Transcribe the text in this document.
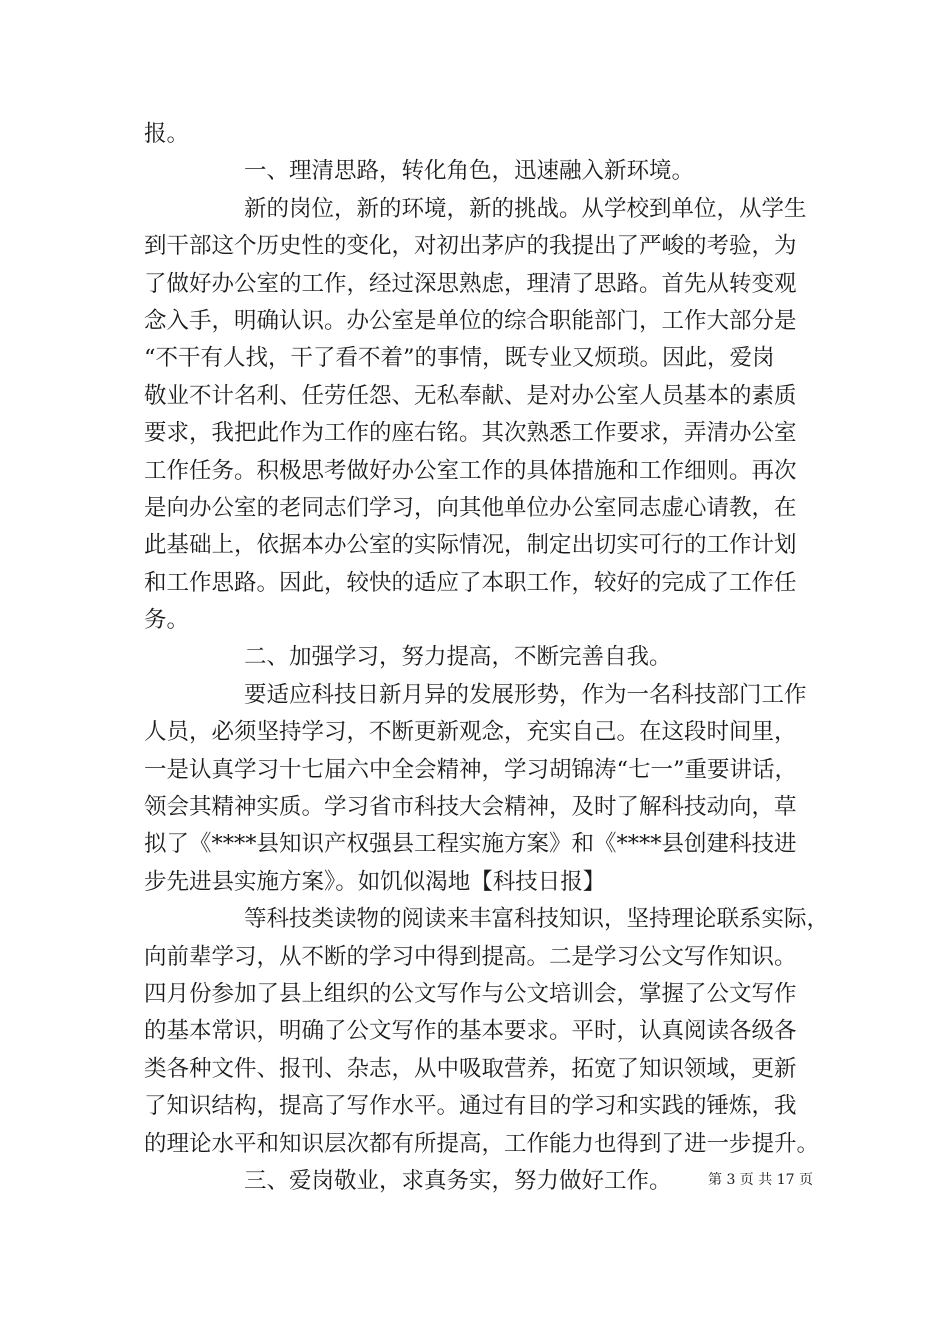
报。
一、理清思路，转化角色，迅速融入新环境。
新的岗位，新的环境，新的挑战。从学校到单位，从学生
到干部这个历史性的变化，对初出茅庐的我提出了严峻的考验，为
了做好办公室的工作，经过深思熟虑，理清了思路。首先从转变观
念入手，明确认识。办公室是单位的综合职能部门，工作大部分是
“不干有人找，干了看不着”的事情，既专业又烦琐。因此，爱岗
敬业不计名利、任劳任怨、无私奉献、是对办公室人员基本的素质
要求，我把此作为工作的座右铭。其次熟悉工作要求，弄清办公室
工作任务。积极思考做好办公室工作的具体措施和工作细则。再次
是向办公室的老同志们学习，向其他单位办公室同志虚心请教，在
此基础上，依据本办公室的实际情况，制定出切实可行的工作计划
和工作思路。因此，较快的适应了本职工作，较好的完成了工作任
务。
二、加强学习，努力提高，不断完善自我。
要适应科技日新月异的发展形势，作为一名科技部门工作
人员，必须坚持学习，不断更新观念，充实自己。在这段时间里，
一是认真学习十七届六中全会精神，学习胡锦涛“七一”重要讲话，
领会其精神实质。学习省市科技大会精神，及时了解科技动向，草
拟了《****县知识产权强县工程实施方案》和《****县创建科技进
步先进县实施方案》。如饥似渴地【科技日报】
等科技类读物的阅读来丰富科技知识，坚持理论联系实际，
向前辈学习，从不断的学习中得到提高。二是学习公文写作知识。
四月份参加了县上组织的公文写作与公文培训会，掌握了公文写作
的基本常识，明确了公文写作的基本要求。平时，认真阅读各级各
类各种文件、报刊、杂志，从中吸取营养，拓宽了知识领域，更新
了知识结构，提高了写作水平。通过有目的学习和实践的锤炼，我
的理论水平和知识层次都有所提高，工作能力也得到了进一步提升。
三、爱岗敬业，求真务实，努力做好工作。	第 3 页 共 17 页
